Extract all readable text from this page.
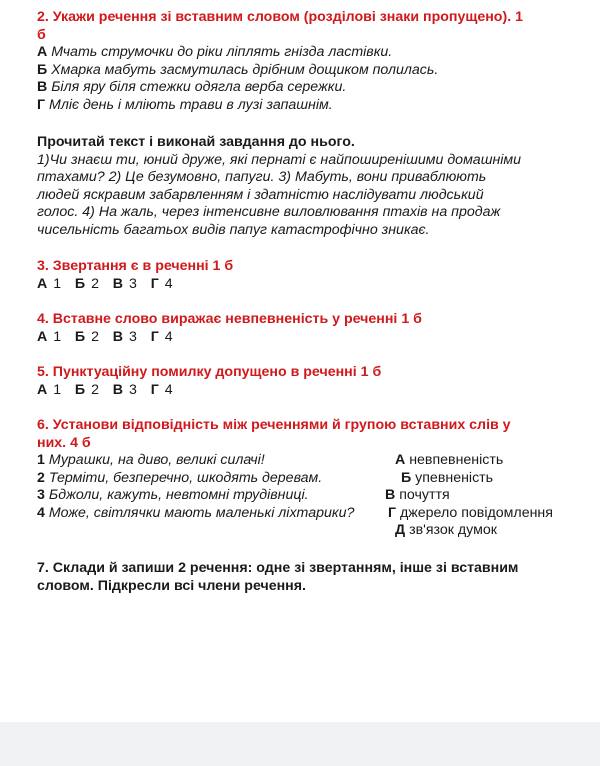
2. Укажи речення зі вставним словом (розділові знаки пропущено). 1
б
А Мчать струмочки до ріки ліплять гнізда ластівки.
Б Хмарка мабуть засмутилась дрібним дощиком полилась.
В Біля яру біля стежки одягла верба сережки.
Г Мліє день і мліють трави в лузі запашнім.
Прочитай текст і виконай завдання до нього.
1)Чи знаєш ти, юний друже, які пернаті є найпоширенішими домашніми
птахами? 2) Це безумовно, папуги. 3) Мабуть, вони приваблюють
людей яскравим забарвленням і здатністю наслідувати людський
голос. 4) На жаль, через інтенсивне виловлювання птахів на продаж
чисельність багатьох видів папуг катастрофічно зникає.
3. Звертання є в реченні 1 б
А 1 Б 2 В 3 Г 4
4. Вставне слово виражає невпевненість у реченні 1 б
А 1 Б 2 В 3 Г 4
5. Пунктуаційну помилку допущено в реченні 1 б
А 1 Б 2 В 3 Г 4
6. Установи відповідність між реченнями й групою вставних слів у
них. 4 б
1 Мурашки, на диво, великі силачі!	А невпевненість
2 Терміти, безперечно, шкодять деревам.	Б упевненість
3 Бджоли, кажуть, невтомні трудівниці.	В почуття
4 Може, світлячки мають маленькі ліхтарики? Г джерело повідомлення
Д зв'язок думок
7. Склади й запиши 2 речення: одне зі звертанням, інше зі вставним
словом. Підкресли всі члени речення.
